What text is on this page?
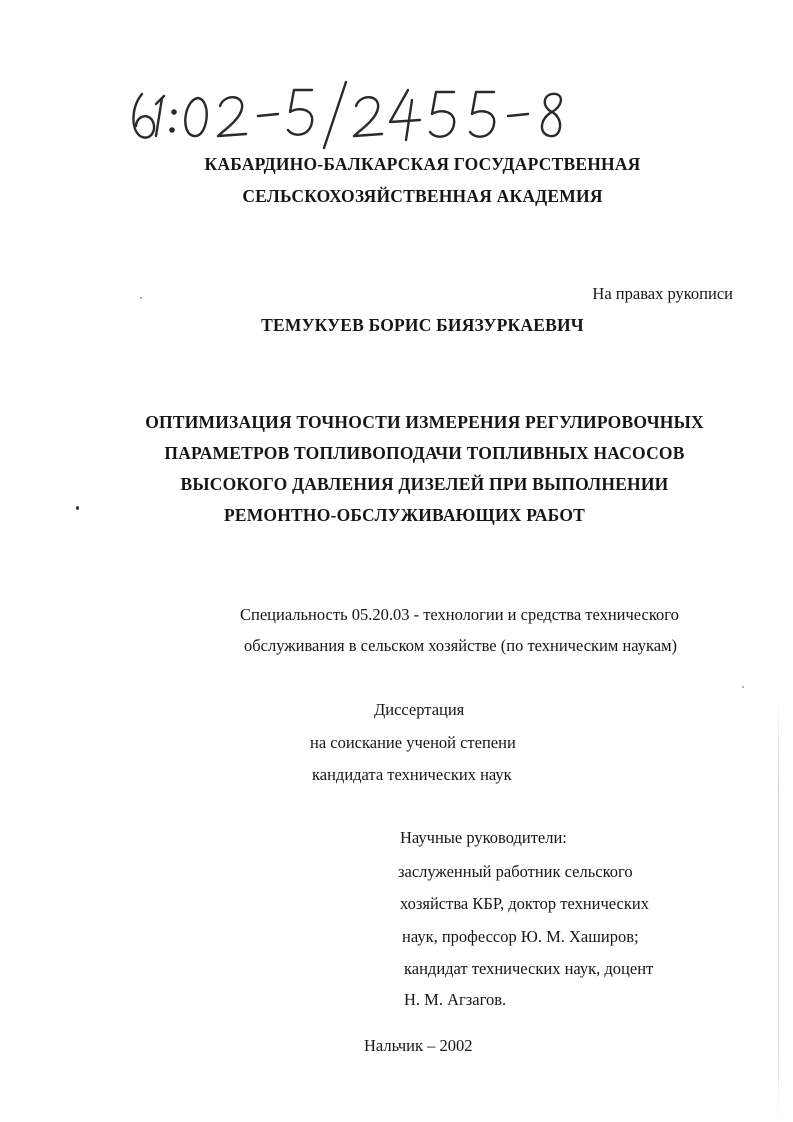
КАБАРДИНО-БАЛКАРСКАЯ ГОСУДАРСТВЕННАЯ
СЕЛЬСКОХОЗЯЙСТВЕННАЯ АКАДЕМИЯ
На правах рукописи
ТЕМУКУЕВ БОРИС БИЯЗУРКАЕВИЧ
ОПТИМИЗАЦИЯ ТОЧНОСТИ ИЗМЕРЕНИЯ РЕГУЛИРОВОЧНЫХ
ПАРАМЕТРОВ ТОПЛИВОПОДАЧИ ТОПЛИВНЫХ НАСОСОВ
ВЫСОКОГО ДАВЛЕНИЯ ДИЗЕЛЕЙ ПРИ ВЫПОЛНЕНИИ
РЕМОНТНО-ОБСЛУЖИВАЮЩИХ РАБОТ
Специальность 05.20.03 - технологии и средства технического
обслуживания в сельском хозяйстве (по техническим наукам)
Диссертация
на соискание ученой степени
кандидата технических наук
Научные руководители:
заслуженный работник сельского
хозяйства КБР, доктор технических
наук, профессор Ю. М. Хаширов;
кандидат технических наук, доцент
Н. М. Агзагов.
Нальчик – 2002
